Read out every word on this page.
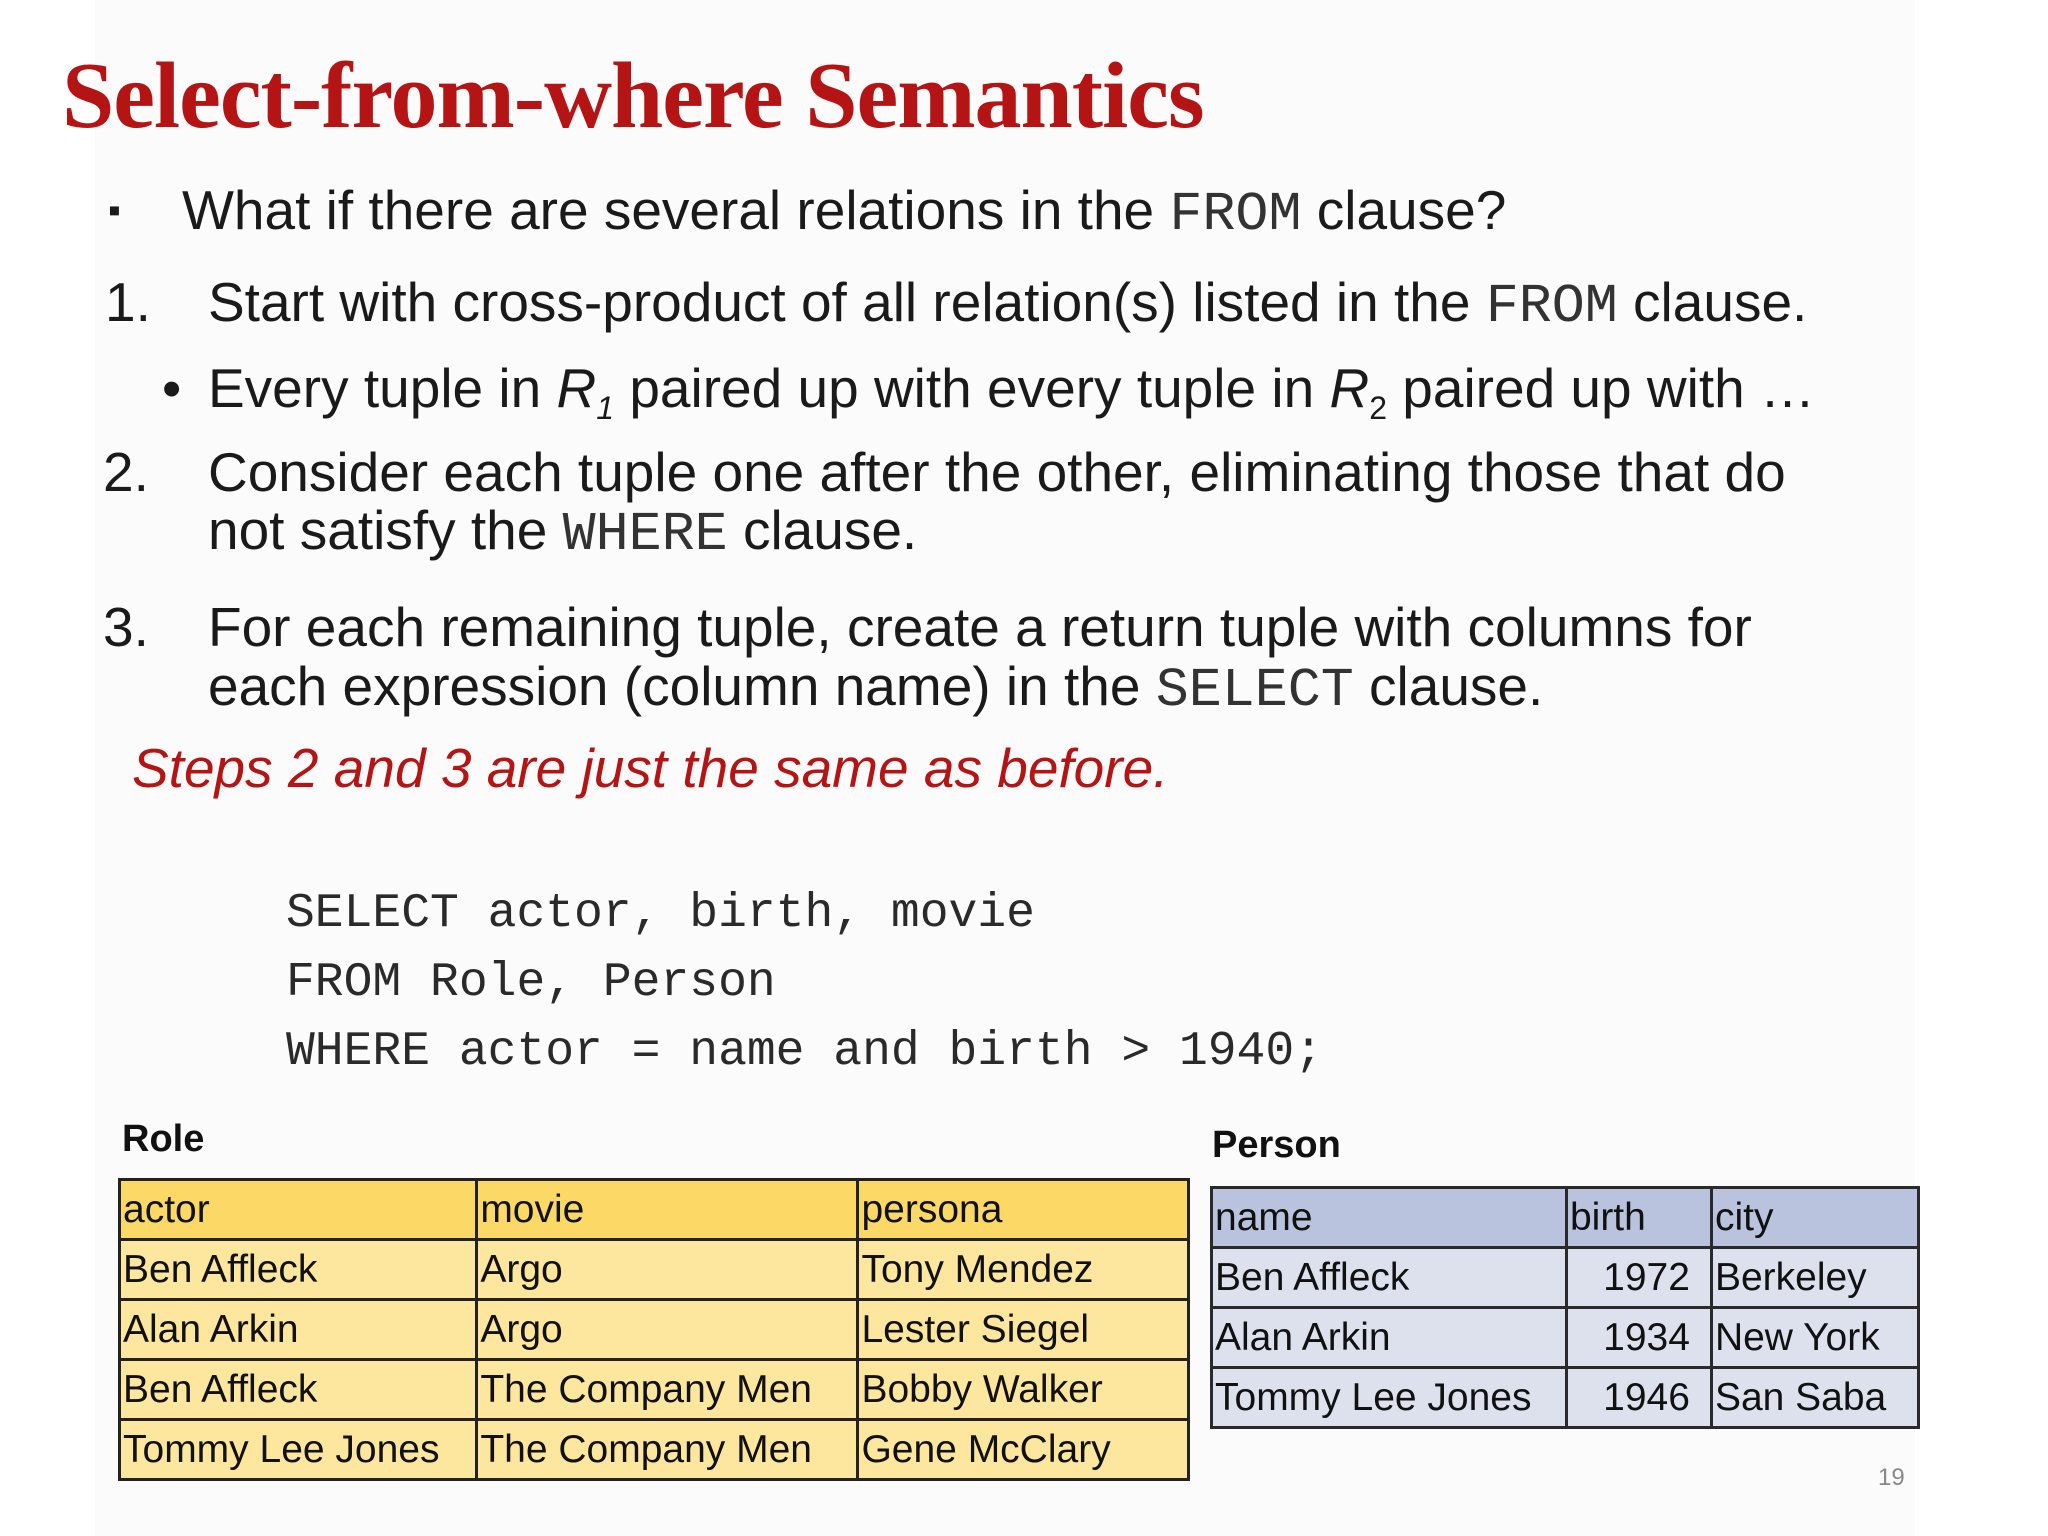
Select-from-where Semantics
▪ What if there are several relations in the FROM clause?
1. Start with cross-product of all relation(s) listed in the FROM clause.
• Every tuple in $R_1$ paired up with every tuple in $R_2$ paired up with …
2. Consider each tuple one after the other, eliminating those that do
not satisfy the WHERE clause.
3. For each remaining tuple, create a return tuple with columns for
each expression (column name) in the SELECT clause.
Steps 2 and 3 are just the same as before.
SELECT actor, birth, movie
FROM Role, Person
WHERE actor = name and birth > 1940;
Role
actor	movie	persona
Ben Affleck	Argo	Tony Mendez
Alan Arkin	Argo	Lester Siegel
Ben Affleck	The Company Men	Bobby Walker
Tommy Lee Jones	The Company Men	Gene McClary
Person
name	birth	city
Ben Affleck	1972	Berkeley
Alan Arkin	1934	New York
Tommy Lee Jones	1946	San Saba
19
